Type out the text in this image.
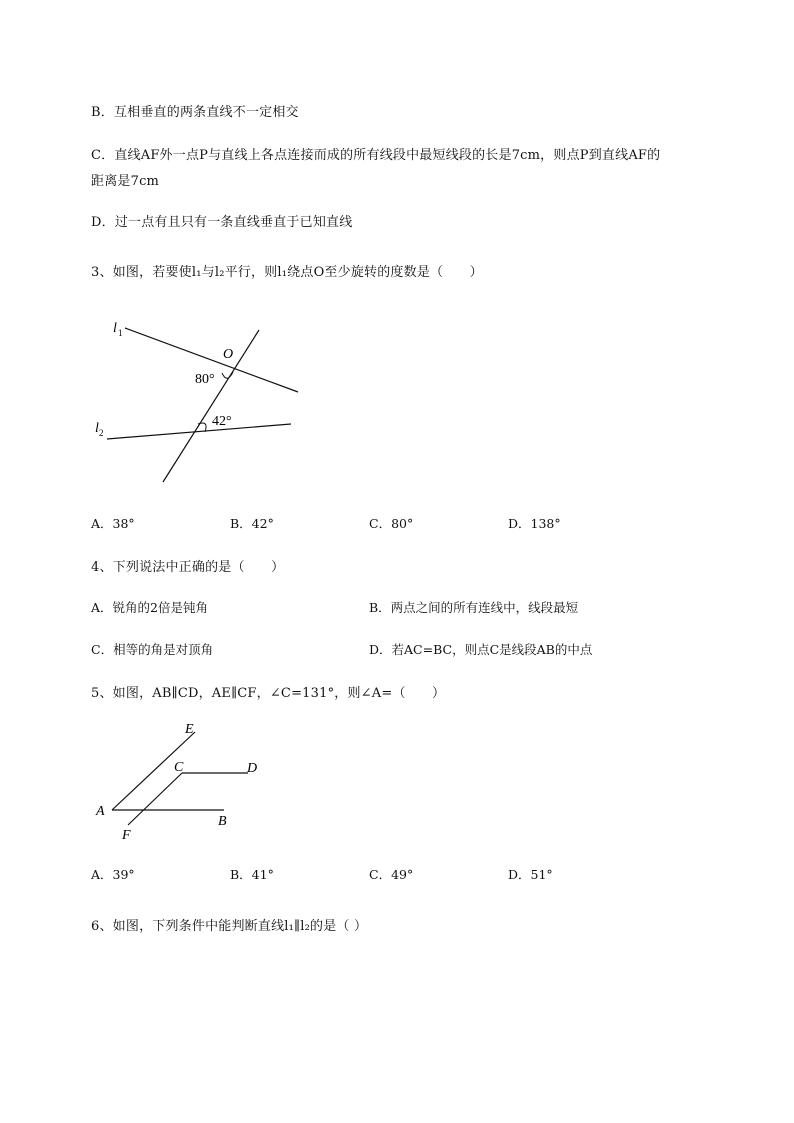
B．互相垂直的两条直线不一定相交
C．直线AF外一点P与直线上各点连接而成的所有线段中最短线段的长是7cm，则点P到直线AF的
距离是7cm
D．过一点有且只有一条直线垂直于已知直线
3、如图，若要使l₁与l₂平行，则l₁绕点O至少旋转的度数是（　　）
l 1
l 2
O
80°
42°
A．38°	B．42°	C．80°	D．138°
4、下列说法中正确的是（　　）
A．锐角的2倍是钝角	B．两点之间的所有连线中，线段最短
C．相等的角是对顶角	D．若AC=BC，则点C是线段AB的中点
5、如图，AB∥CD，AE∥CF，∠C=131°，则∠A=（　　）
E
C	D
A
B
F
A．39°	B．41°	C．49°	D．51°
6、如图，下列条件中能判断直线l₁∥l₂的是（ ）
